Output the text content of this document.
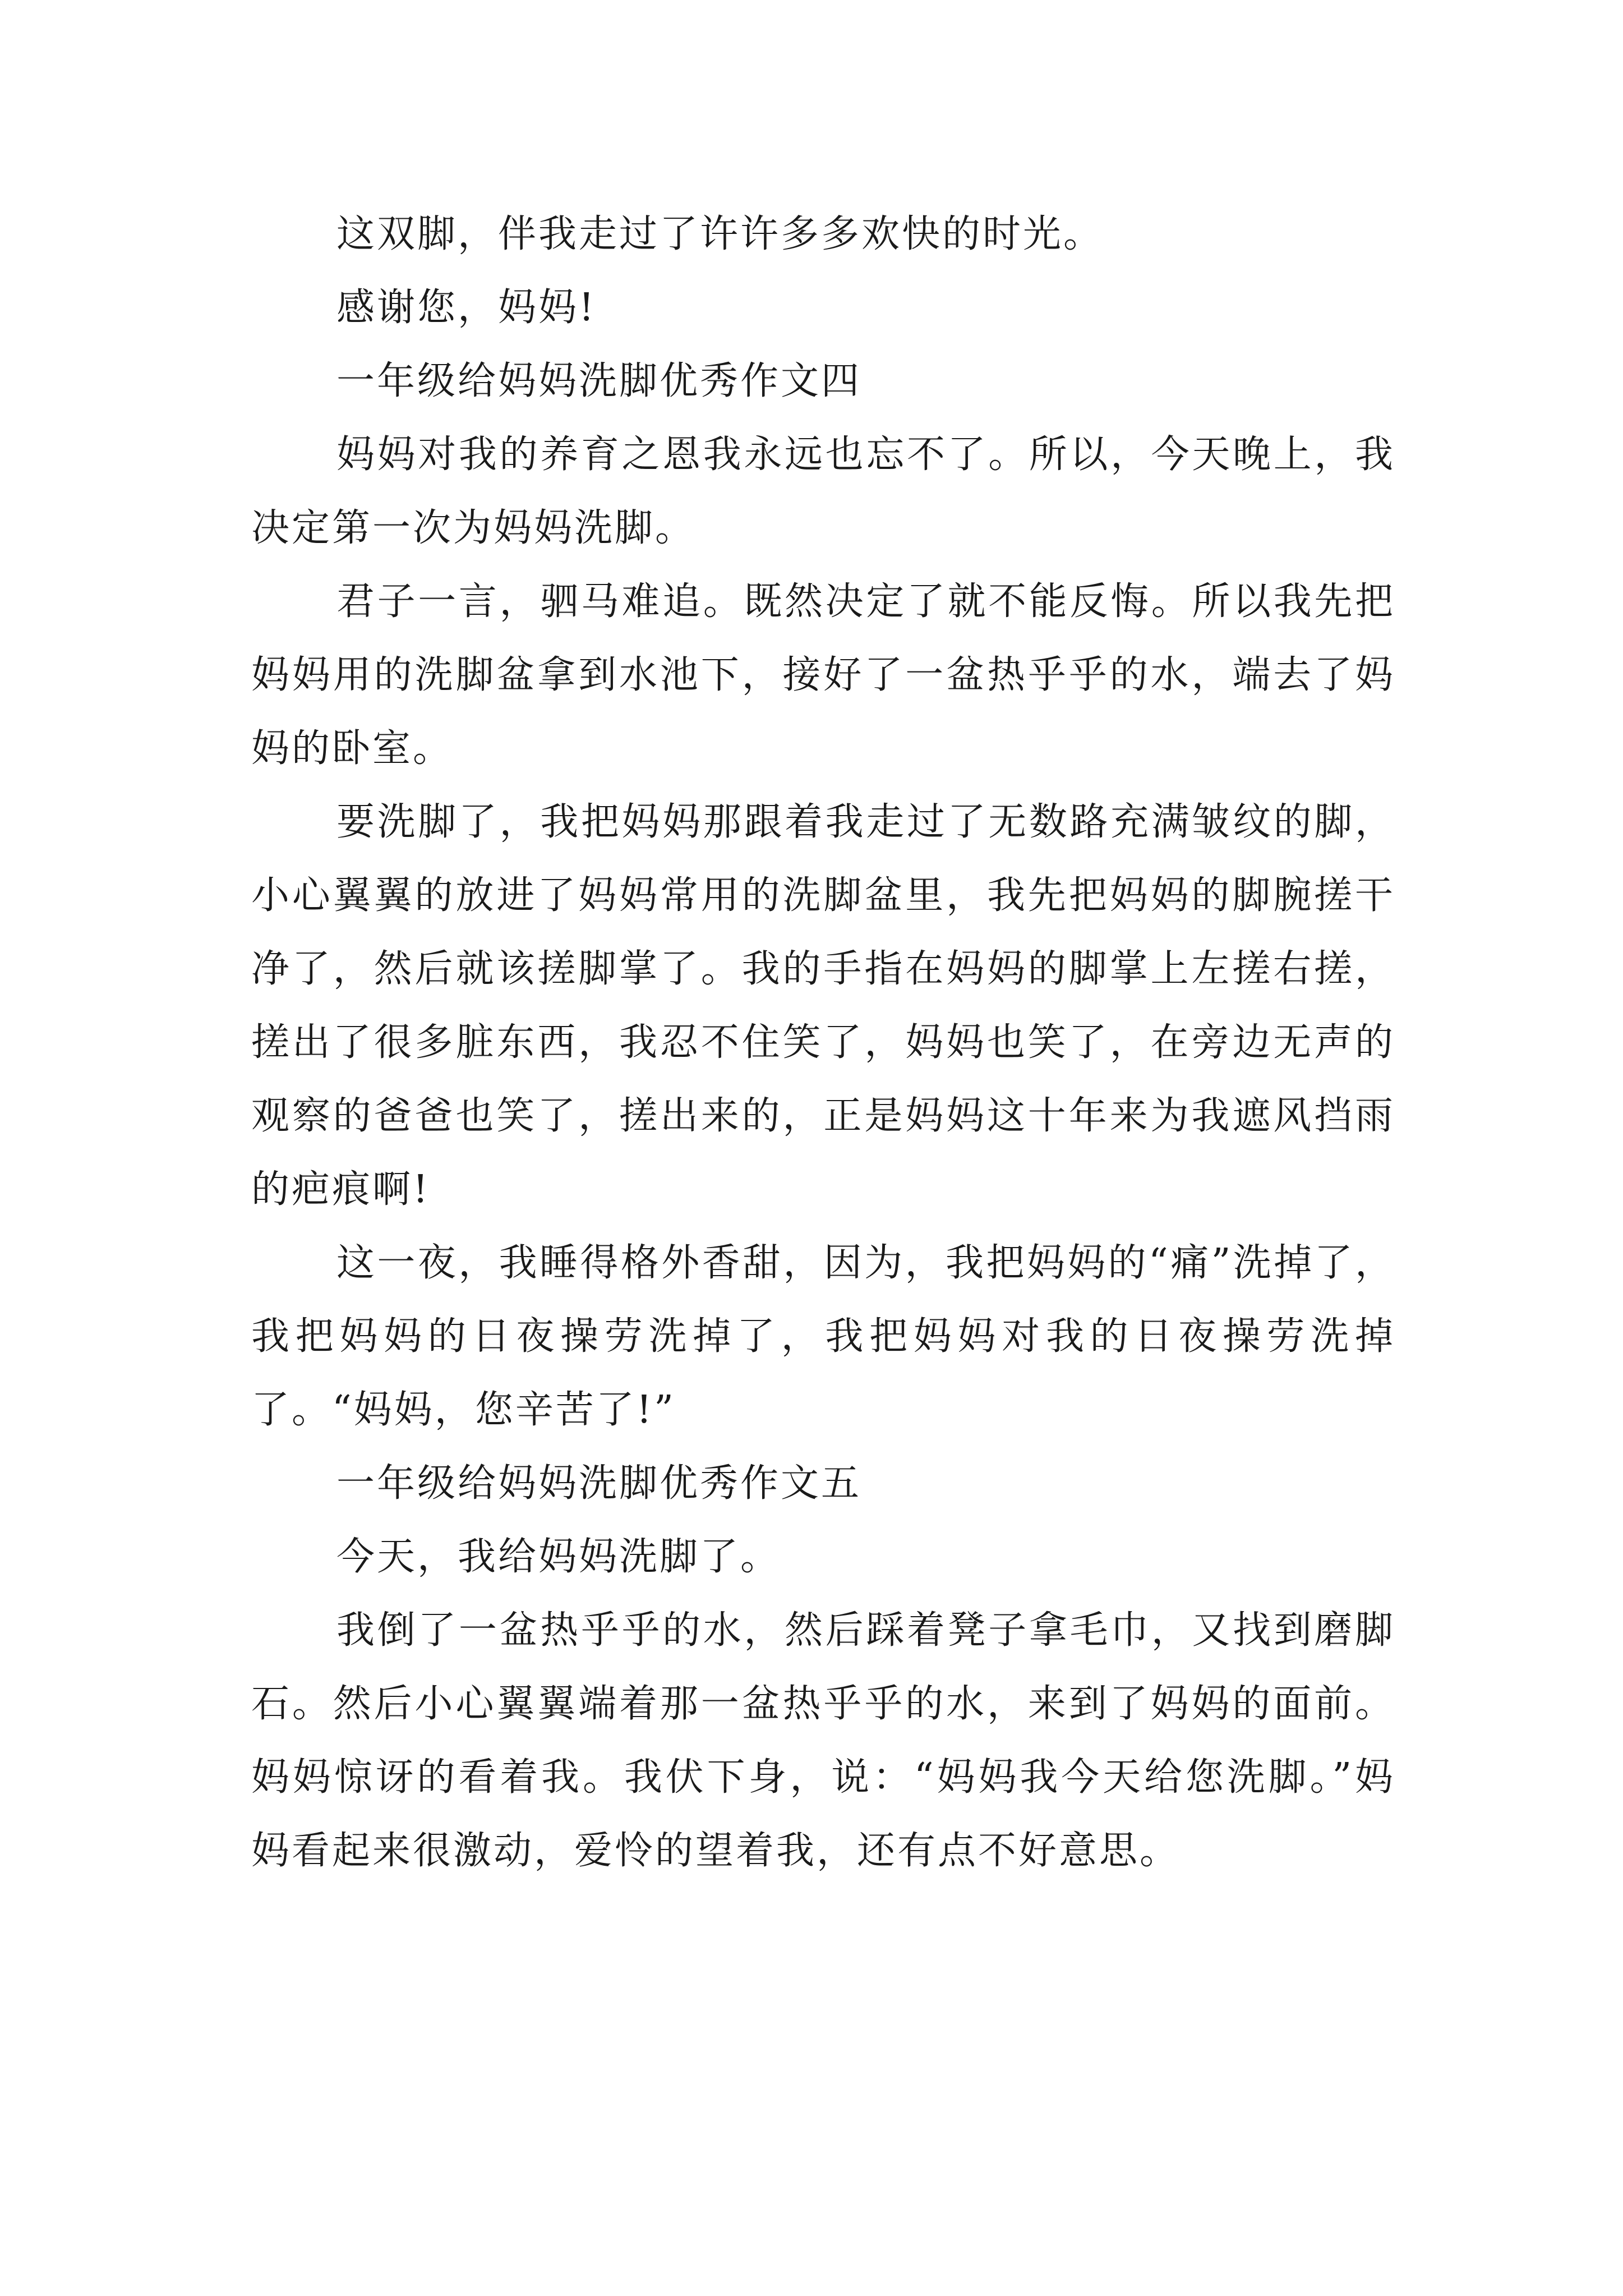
这双脚，伴我走过了许许多多欢快的时光。

感谢您，妈妈!

一年级给妈妈洗脚优秀作文四

妈妈对我的养育之恩我永远也忘不了。所以，今天晚上，我决定第一次为妈妈洗脚。

君子一言，驷马难追。既然决定了就不能反悔。所以我先把妈妈用的洗脚盆拿到水池下，接好了一盆热乎乎的水，端去了妈妈的卧室。

要洗脚了，我把妈妈那跟着我走过了无数路充满皱纹的脚，小心翼翼的放进了妈妈常用的洗脚盆里，我先把妈妈的脚腕搓干净了，然后就该搓脚掌了。我的手指在妈妈的脚掌上左搓右搓，搓出了很多脏东西，我忍不住笑了，妈妈也笑了，在旁边无声的观察的爸爸也笑了，搓出来的，正是妈妈这十年来为我遮风挡雨的疤痕啊!

这一夜，我睡得格外香甜，因为，我把妈妈的“痛”洗掉了，我把妈妈的日夜操劳洗掉了，我把妈妈对我的日夜操劳洗掉了。“妈妈，您辛苦了!”

一年级给妈妈洗脚优秀作文五

今天，我给妈妈洗脚了。

我倒了一盆热乎乎的水，然后踩着凳子拿毛巾，又找到磨脚石。然后小心翼翼端着那一盆热乎乎的水，来到了妈妈的面前。妈妈惊讶的看着我。我伏下身，说：“妈妈我今天给您洗脚。”妈妈看起来很激动，爱怜的望着我，还有点不好意思。
